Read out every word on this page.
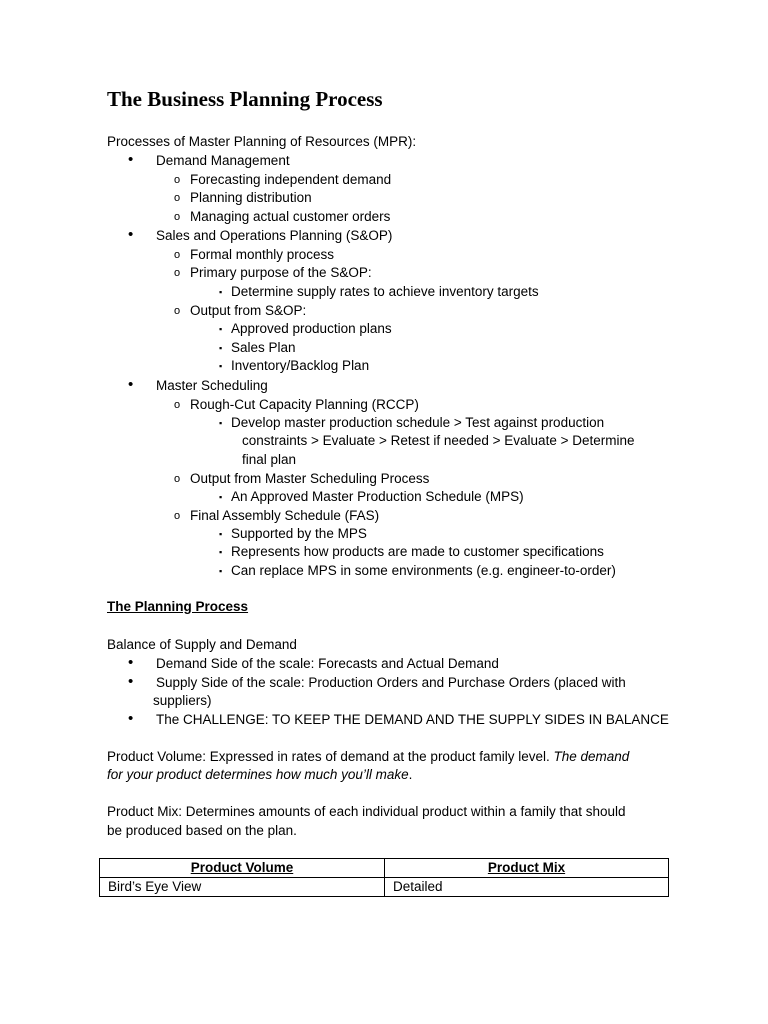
The Business Planning Process
Processes of Master Planning of Resources (MPR):
• Demand Management
o Forecasting independent demand
o Planning distribution
o Managing actual customer orders
• Sales and Operations Planning (S&OP)
o Formal monthly process
o Primary purpose of the S&OP:
▪ Determine supply rates to achieve inventory targets
o Output from S&OP:
▪ Approved production plans
▪ Sales Plan
▪ Inventory/Backlog Plan
• Master Scheduling
o Rough-Cut Capacity Planning (RCCP)
▪ Develop master production schedule > Test against production
constraints > Evaluate > Retest if needed > Evaluate > Determine
final plan
o Output from Master Scheduling Process
▪ An Approved Master Production Schedule (MPS)
o Final Assembly Schedule (FAS)
▪ Supported by the MPS
▪ Represents how products are made to customer specifications
▪ Can replace MPS in some environments (e.g. engineer-to-order)
The Planning Process
Balance of Supply and Demand
• Demand Side of the scale: Forecasts and Actual Demand
• Supply Side of the scale: Production Orders and Purchase Orders (placed with
suppliers)
• The CHALLENGE: TO KEEP THE DEMAND AND THE SUPPLY SIDES IN BALANCE
Product Volume: Expressed in rates of demand at the product family level. The demand
for your product determines how much you’ll make.
Product Mix: Determines amounts of each individual product within a family that should
be produced based on the plan.
Product Volume	Product Mix
Bird’s Eye View	Detailed
